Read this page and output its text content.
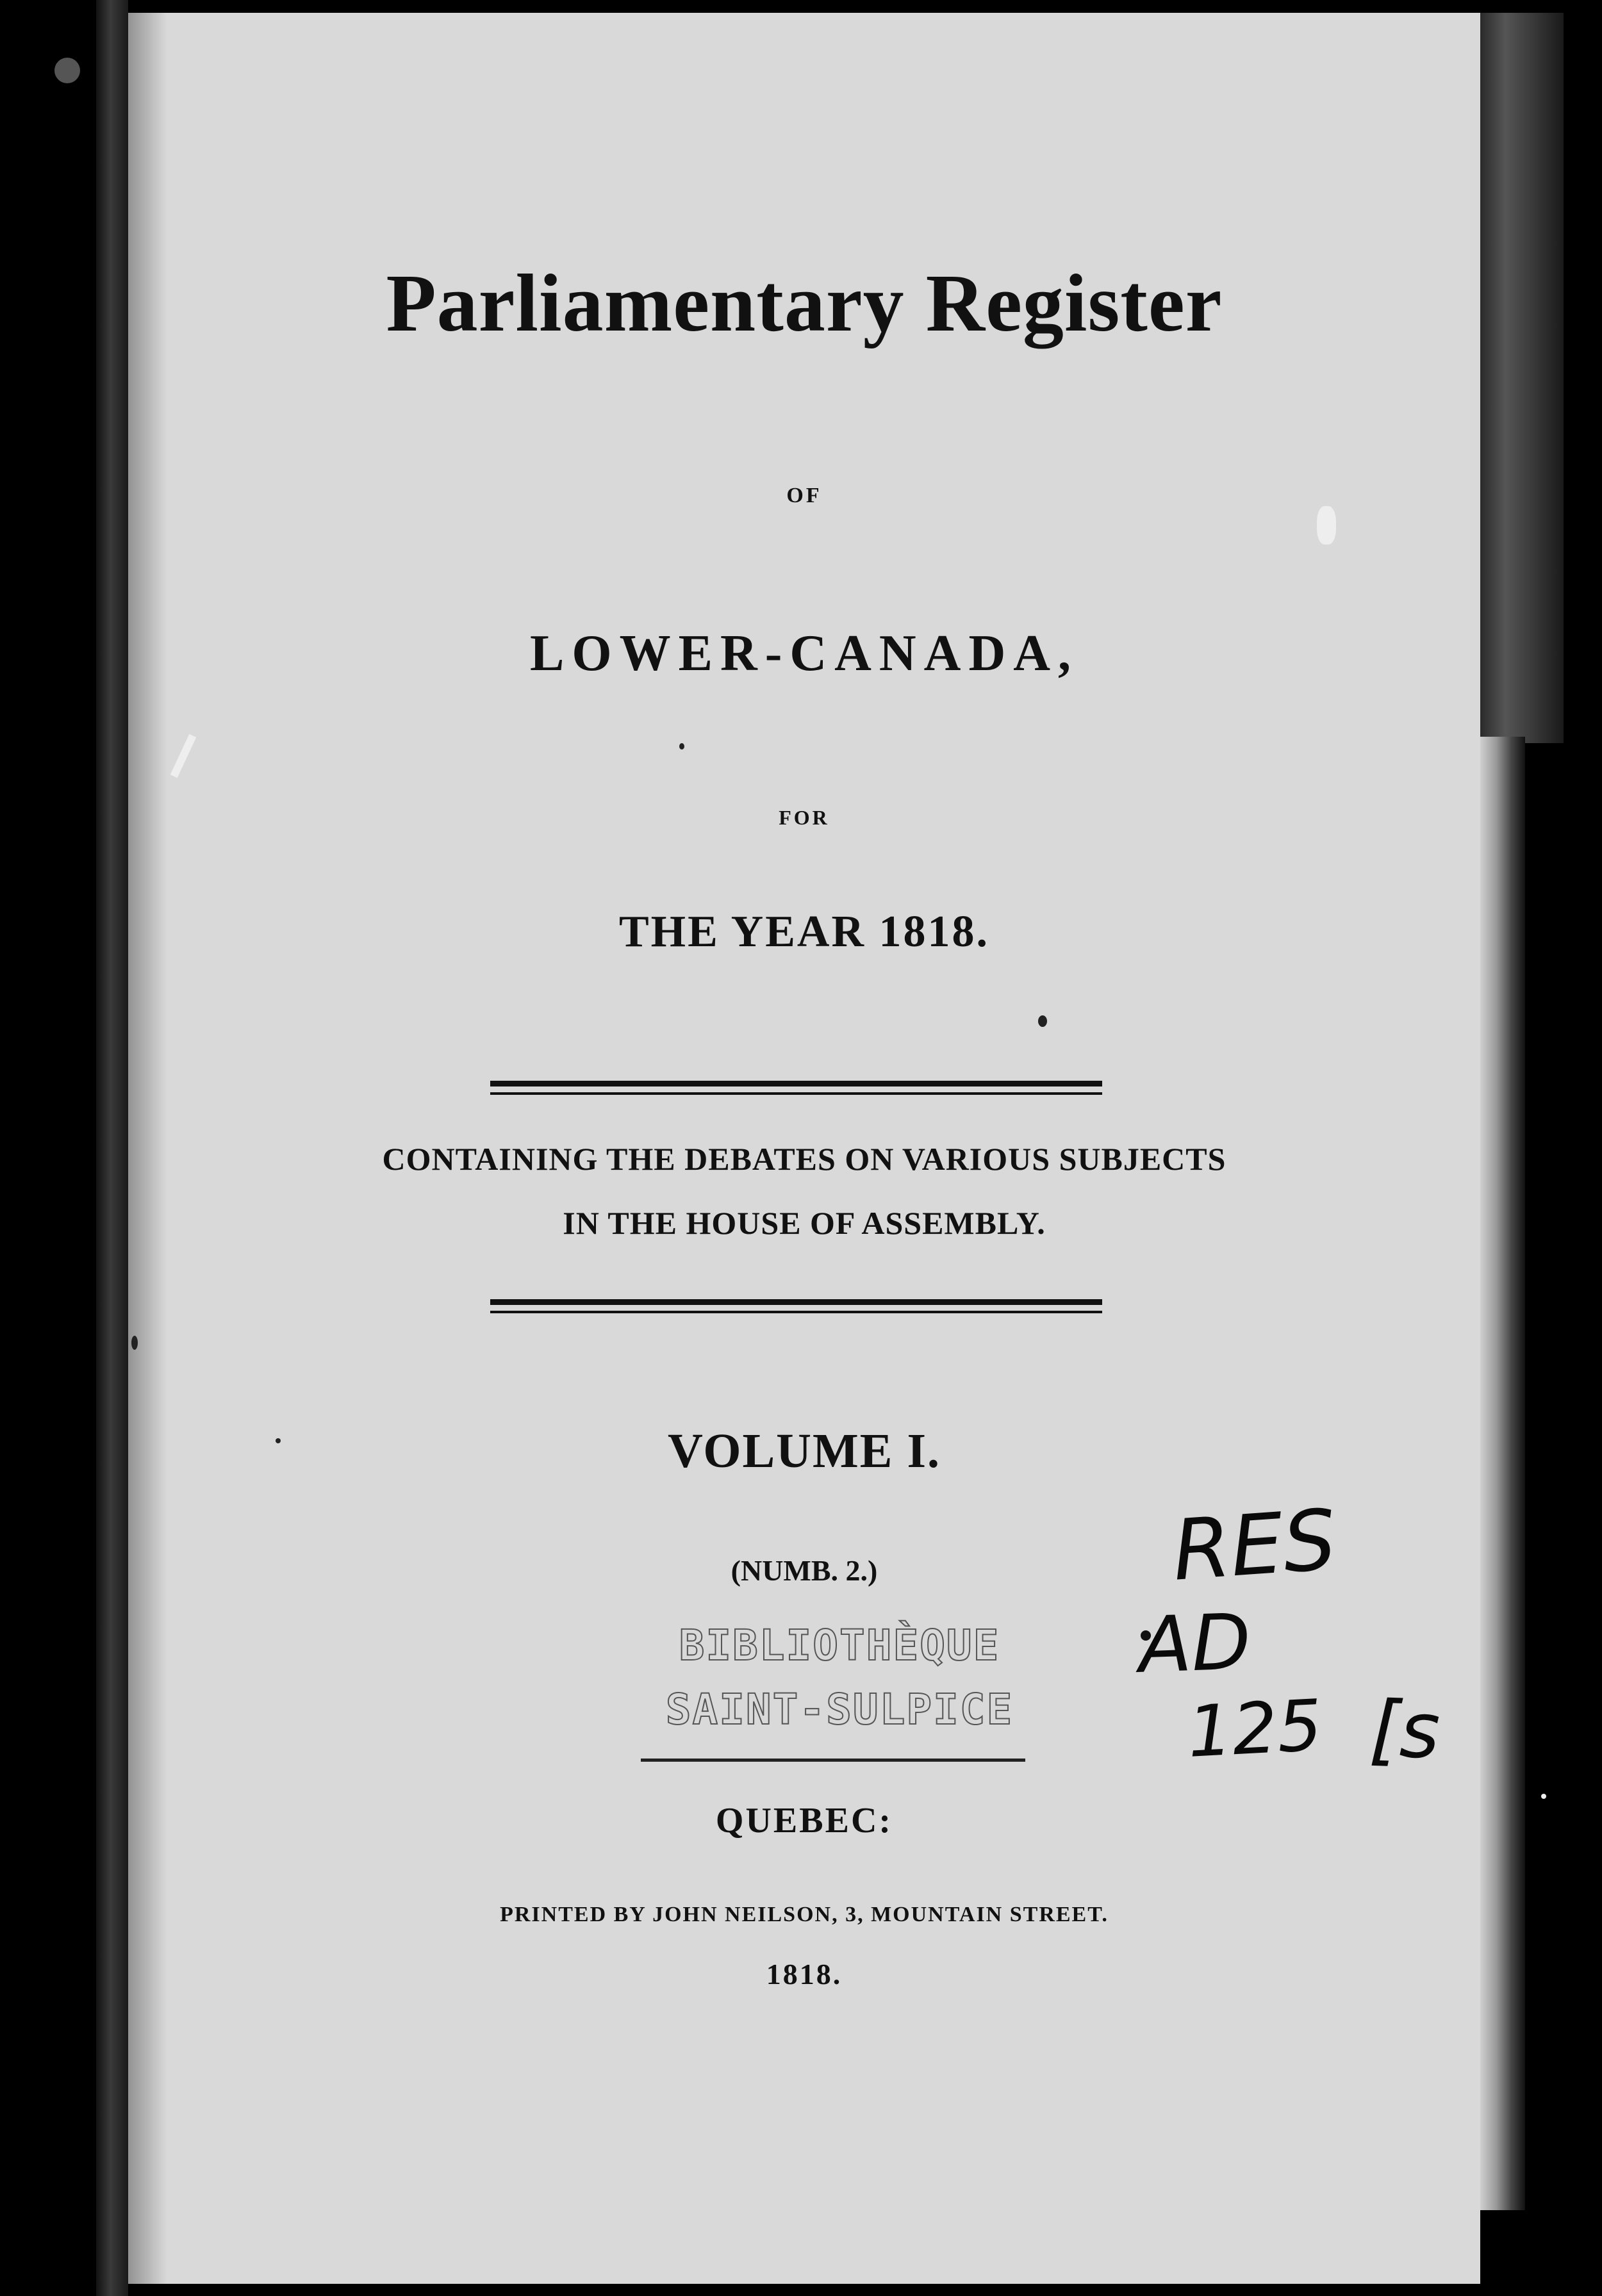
Parliamentary Register
OF
LOWER-CANADA,
FOR
THE YEAR 1818.
CONTAINING THE DEBATES ON VARIOUS SUBJECTS
IN THE HOUSE OF ASSEMBLY.
VOLUME I.
(NUMB. 2.)
BIBLIOTHÈQUE
SAINT-SULPICE
RES
AD
125 [s
QUEBEC:
PRINTED BY JOHN NEILSON, 3, MOUNTAIN STREET.
1818.
